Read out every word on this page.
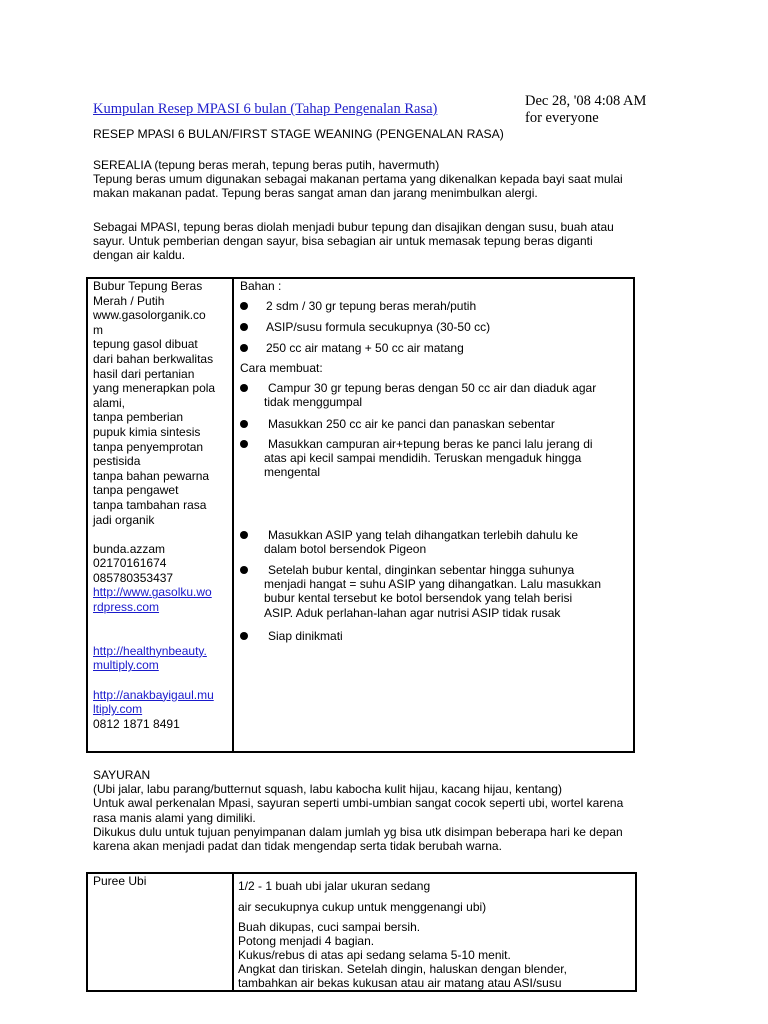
Kumpulan Resep MPASI 6 bulan (Tahap Pengenalan Rasa)	Dec 28, '08 4:08 AM
for everyone
RESEP MPASI 6 BULAN/FIRST STAGE WEANING (PENGENALAN RASA)
SEREALIA (tepung beras merah, tepung beras putih, havermuth)
Tepung beras umum digunakan sebagai makanan pertama yang dikenalkan kepada bayi saat mulai
makan makanan padat. Tepung beras sangat aman dan jarang menimbulkan alergi.
Sebagai MPASI, tepung beras diolah menjadi bubur tepung dan disajikan dengan susu, buah atau
sayur. Untuk pemberian dengan sayur, bisa sebagian air untuk memasak tepung beras diganti
dengan air kaldu.
Bubur Tepung Beras
Merah / Putih
www.gasolorganik.co
m
tepung gasol dibuat
dari bahan berkwalitas
hasil dari pertanian
yang menerapkan pola
alami,
tanpa pemberian
pupuk kimia sintesis
tanpa penyemprotan
pestisida
tanpa bahan pewarna
tanpa pengawet
tanpa tambahan rasa
jadi organik
bunda.azzam
02170161674
085780353437
http://www.gasolku.wo
rdpress.com
http://healthynbeauty.
multiply.com
http://anakbayigaul.mu
ltiply.com
0812 1871 8491
Bahan :
2 sdm / 30 gr tepung beras merah/putih
ASIP/susu formula secukupnya (30-50 cc)
250 cc air matang + 50 cc air matang
Cara membuat:
Campur 30 gr tepung beras dengan 50 cc air dan diaduk agar
tidak menggumpal
Masukkan 250 cc air ke panci dan panaskan sebentar
Masukkan campuran air+tepung beras ke panci lalu jerang di
atas api kecil sampai mendidih. Teruskan mengaduk hingga
mengental
Masukkan ASIP yang telah dihangatkan terlebih dahulu ke
dalam botol bersendok Pigeon
Setelah bubur kental, dinginkan sebentar hingga suhunya
menjadi hangat = suhu ASIP yang dihangatkan. Lalu masukkan
bubur kental tersebut ke botol bersendok yang telah berisi
ASIP. Aduk perlahan-lahan agar nutrisi ASIP tidak rusak
Siap dinikmati
SAYURAN
(Ubi jalar, labu parang/butternut squash, labu kabocha kulit hijau, kacang hijau, kentang)
Untuk awal perkenalan Mpasi, sayuran seperti umbi-umbian sangat cocok seperti ubi, wortel karena
rasa manis alami yang dimiliki.
Dikukus dulu untuk tujuan penyimpanan dalam jumlah yg bisa utk disimpan beberapa hari ke depan
karena akan menjadi padat dan tidak mengendap serta tidak berubah warna.
Puree Ubi	1/2 - 1 buah ubi jalar ukuran sedang
air secukupnya cukup untuk menggenangi ubi)
Buah dikupas, cuci sampai bersih.
Potong menjadi 4 bagian.
Kukus/rebus di atas api sedang selama 5-10 menit.
Angkat dan tiriskan. Setelah dingin, haluskan dengan blender,
tambahkan air bekas kukusan atau air matang atau ASI/susu
